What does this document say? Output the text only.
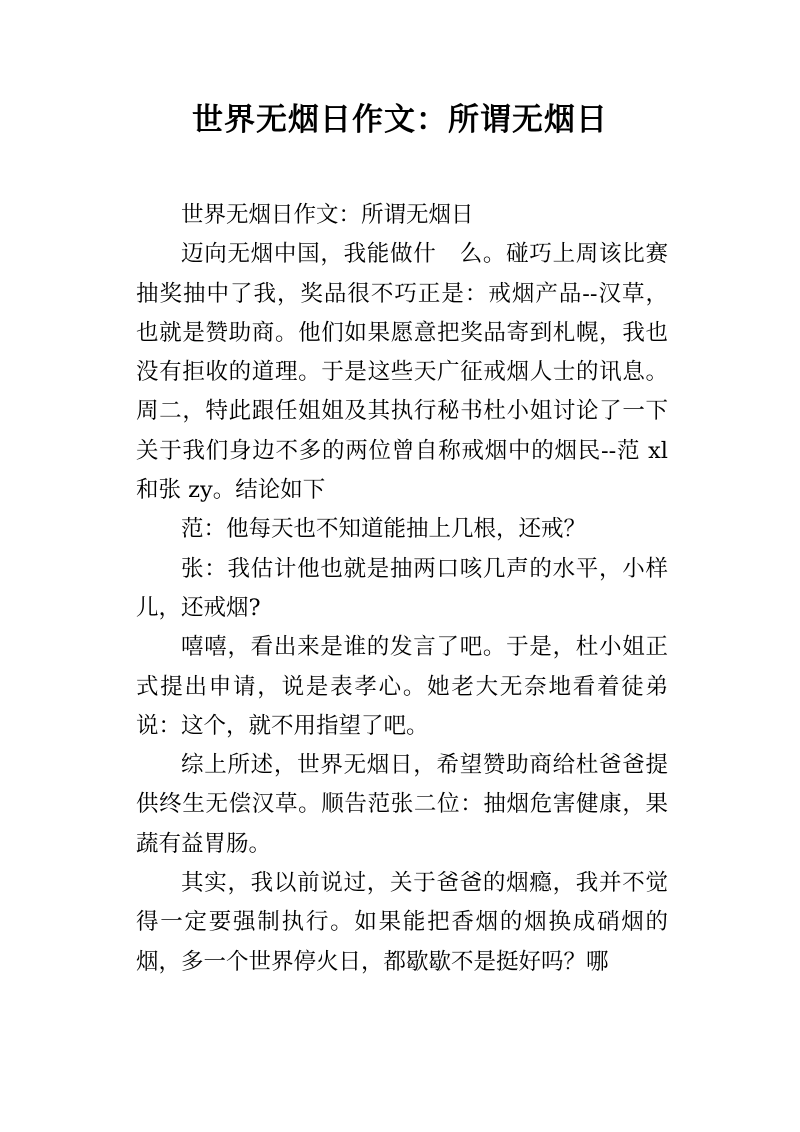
世界无烟日作文：所谓无烟日

世界无烟日作文：所谓无烟日

迈向无烟中国，我能做什　么。碰巧上周该比赛抽奖抽中了我，奖品很不巧正是：戒烟产品--汉草，也就是赞助商。他们如果愿意把奖品寄到札幌，我也没有拒收的道理。于是这些天广征戒烟人士的讯息。周二，特此跟任姐姐及其执行秘书杜小姐讨论了一下关于我们身边不多的两位曾自称戒烟中的烟民--范 xl 和张 zy。结论如下

范：他每天也不知道能抽上几根，还戒？

张：我估计他也就是抽两口咳几声的水平，小样儿，还戒烟?

嘻嘻，看出来是谁的发言了吧。于是，杜小姐正式提出申请，说是表孝心。她老大无奈地看着徒弟说：这个，就不用指望了吧。

综上所述，世界无烟日，希望赞助商给杜爸爸提供终生无偿汉草。顺告范张二位：抽烟危害健康，果蔬有益胃肠。

其实，我以前说过，关于爸爸的烟瘾，我并不觉得一定要强制执行。如果能把香烟的烟换成硝烟的烟，多一个世界停火日，都歇歇不是挺好吗？哪
